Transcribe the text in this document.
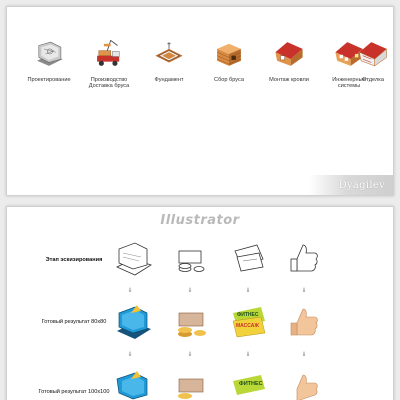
Проектирование	Производство Доставка бруса
Фундамент	Сбор бруса	Монтаж кровли	Инженерные системы
Отделка
Dyagilev
Illustrator
Этап эскизирования
⇓	⇓	⇓	⇓
Готовый результат 80х80
ФИТНЕС
МАССАЖ
⇓	⇓	⇓	⇓
Готовый результат 100х100
ФИТНЕС
